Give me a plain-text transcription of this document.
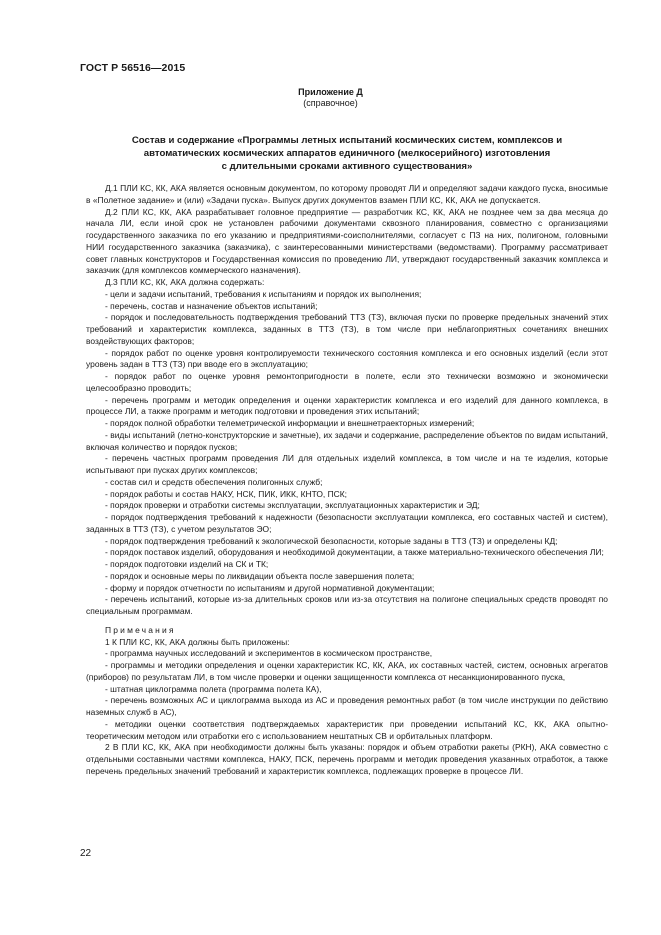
ГОСТ Р 56516—2015
Приложение Д
(справочное)
Состав и содержание «Программы летных испытаний космических систем, комплексов и
автоматических космических аппаратов единичного (мелкосерийного) изготовления
с длительными сроками активного существования»

Д.1 ПЛИ КС, КК, АКА является основным документом, по которому проводят ЛИ и определяют задачи каждого пуска, вносимые в «Полетное задание» и (или) «Задачи пуска». Выпуск других документов взамен ПЛИ КС, КК, АКА не допускается.

Д.2 ПЛИ КС, КК, АКА разрабатывает головное предприятие — разработчик КС, КК, АКА не позднее чем за два месяца до начала ЛИ, если иной срок не установлен рабочими документами сквозного планирования, совместно с организациями государственного заказчика по его указанию и предприятиями-соисполнителями, согласует с ПЗ на них, полигоном, головными НИИ государственного заказчика (заказчика), с заинтересованными министерствами (ведомствами). Программу рассматривает совет главных конструкторов и Государственная комиссия по проведению ЛИ, утверждают государственный заказчик комплекса и заказчик (для комплексов коммерческого назначения).

Д.3 ПЛИ КС, КК, АКА должна содержать:

- цели и задачи испытаний, требования к испытаниям и порядок их выполнения;

- перечень, состав и назначение объектов испытаний;

- порядок и последовательность подтверждения требований ТТЗ (ТЗ), включая пуски по проверке предельных значений этих требований и характеристик комплекса, заданных в ТТЗ (ТЗ), в том числе при неблагоприятных сочетаниях внешних воздействующих факторов;

- порядок работ по оценке уровня контролируемости технического состояния комплекса и его основных изделий (если этот уровень задан в ТТЗ (ТЗ) при вводе его в эксплуатацию;

- порядок работ по оценке уровня ремонтопригодности в полете, если это технически возможно и экономически целесообразно проводить;

- перечень программ и методик определения и оценки характеристик комплекса и его изделий для данного комплекса, в процессе ЛИ, а также программ и методик подготовки и проведения этих испытаний;

- порядок полной обработки телеметрической информации и внешнетраекторных измерений;

- виды испытаний (летно-конструкторские и зачетные), их задачи и содержание, распределение объектов по видам испытаний, включая количество и порядок пусков;

- перечень частных программ проведения ЛИ для отдельных изделий комплекса, в том числе и на те изделия, которые испытывают при пусках других комплексов;

- состав сил и средств обеспечения полигонных служб;

- порядок работы и состав НАКУ, НСК, ПИК, ИКК, КНТО, ПСК;

- порядок проверки и отработки системы эксплуатации, эксплуатационных характеристик и ЭД;

- порядок подтверждения требований к надежности (безопасности эксплуатации комплекса, его составных частей и систем), заданных в ТТЗ (ТЗ), с учетом результатов ЭО;

- порядок подтверждения требований к экологической безопасности, которые заданы в ТТЗ (ТЗ) и определены КД;

- порядок поставок изделий, оборудования и необходимой документации, а также материально-технического обеспечения ЛИ;

- порядок подготовки изделий на СК и ТК;

- порядок и основные меры по ликвидации объекта после завершения полета;

- форму и порядок отчетности по испытаниям и другой нормативной документации;

- перечень испытаний, которые из-за длительных сроков или из-за отсутствия на полигоне специальных средств проводят по специальным программам.

Примечания

1 К ПЛИ КС, КК, АКА должны быть приложены:

- программа научных исследований и экспериментов в космическом пространстве,

- программы и методики определения и оценки характеристик КС, КК, АКА, их составных частей, систем, основных агрегатов (приборов) по результатам ЛИ, в том числе проверки и оценки защищенности комплекса от несанкционированного пуска,

- штатная циклограмма полета (программа полета КА),

- перечень возможных АС и циклограмма выхода из АС и проведения ремонтных работ (в том числе инструкции по действию наземных служб в АС),

- методики оценки соответствия подтверждаемых характеристик при проведении испытаний КС, КК, АКА опытно-теоретическим методом или отработки его с использованием нештатных СВ и орбитальных платформ.

2 В ПЛИ КС, КК, АКА при необходимости должны быть указаны: порядок и объем отработки ракеты (РКН), АКА совместно с отдельными составными частями комплекса, НАКУ, ПСК, перечень программ и методик проведения указанных отработок, а также перечень предельных значений требований и характеристик комплекса, подлежащих проверке в процессе ЛИ.

22
